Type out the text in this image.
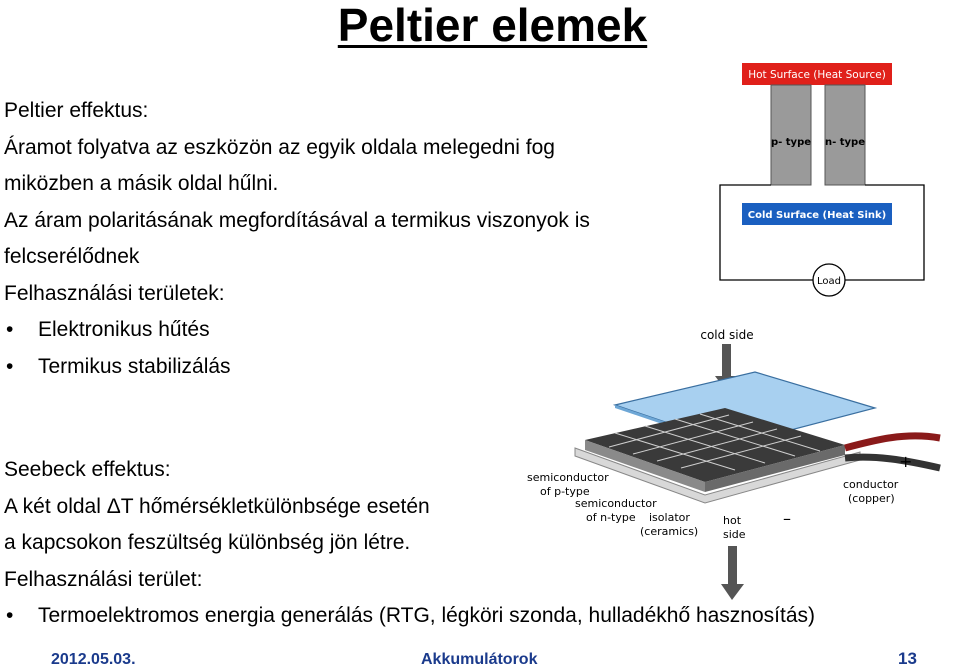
Peltier elemek

Peltier effektus:

Áramot folyatva az eszközön az egyik oldala melegedni fog

miközben a másik oldal hűlni.

Az áram polaritásának megfordításával a termikus viszonyok is

felcserélődnek

Felhasználási területek:

• Elektronikus hűtés
• Termikus stabilizálás

Seebeck effektus:

A két oldal ΔT hőmérsékletkülönbsége esetén

a kapcsokon feszültség különbség jön létre.

Felhasználási terület:

• Termoelektromos energia generálás (RTG, légköri szonda, hulladékhő hasznosítás)
Hot Surface (Heat Source)
p- type n- type
Cold Surface (Heat Sink)
Load
cold side
+
–
semiconductor
of p-type
semiconductor
of n-type isolator
(ceramics)
hot
side
conductor
(copper)
2012.05.03.	Akkumulátorok	13
